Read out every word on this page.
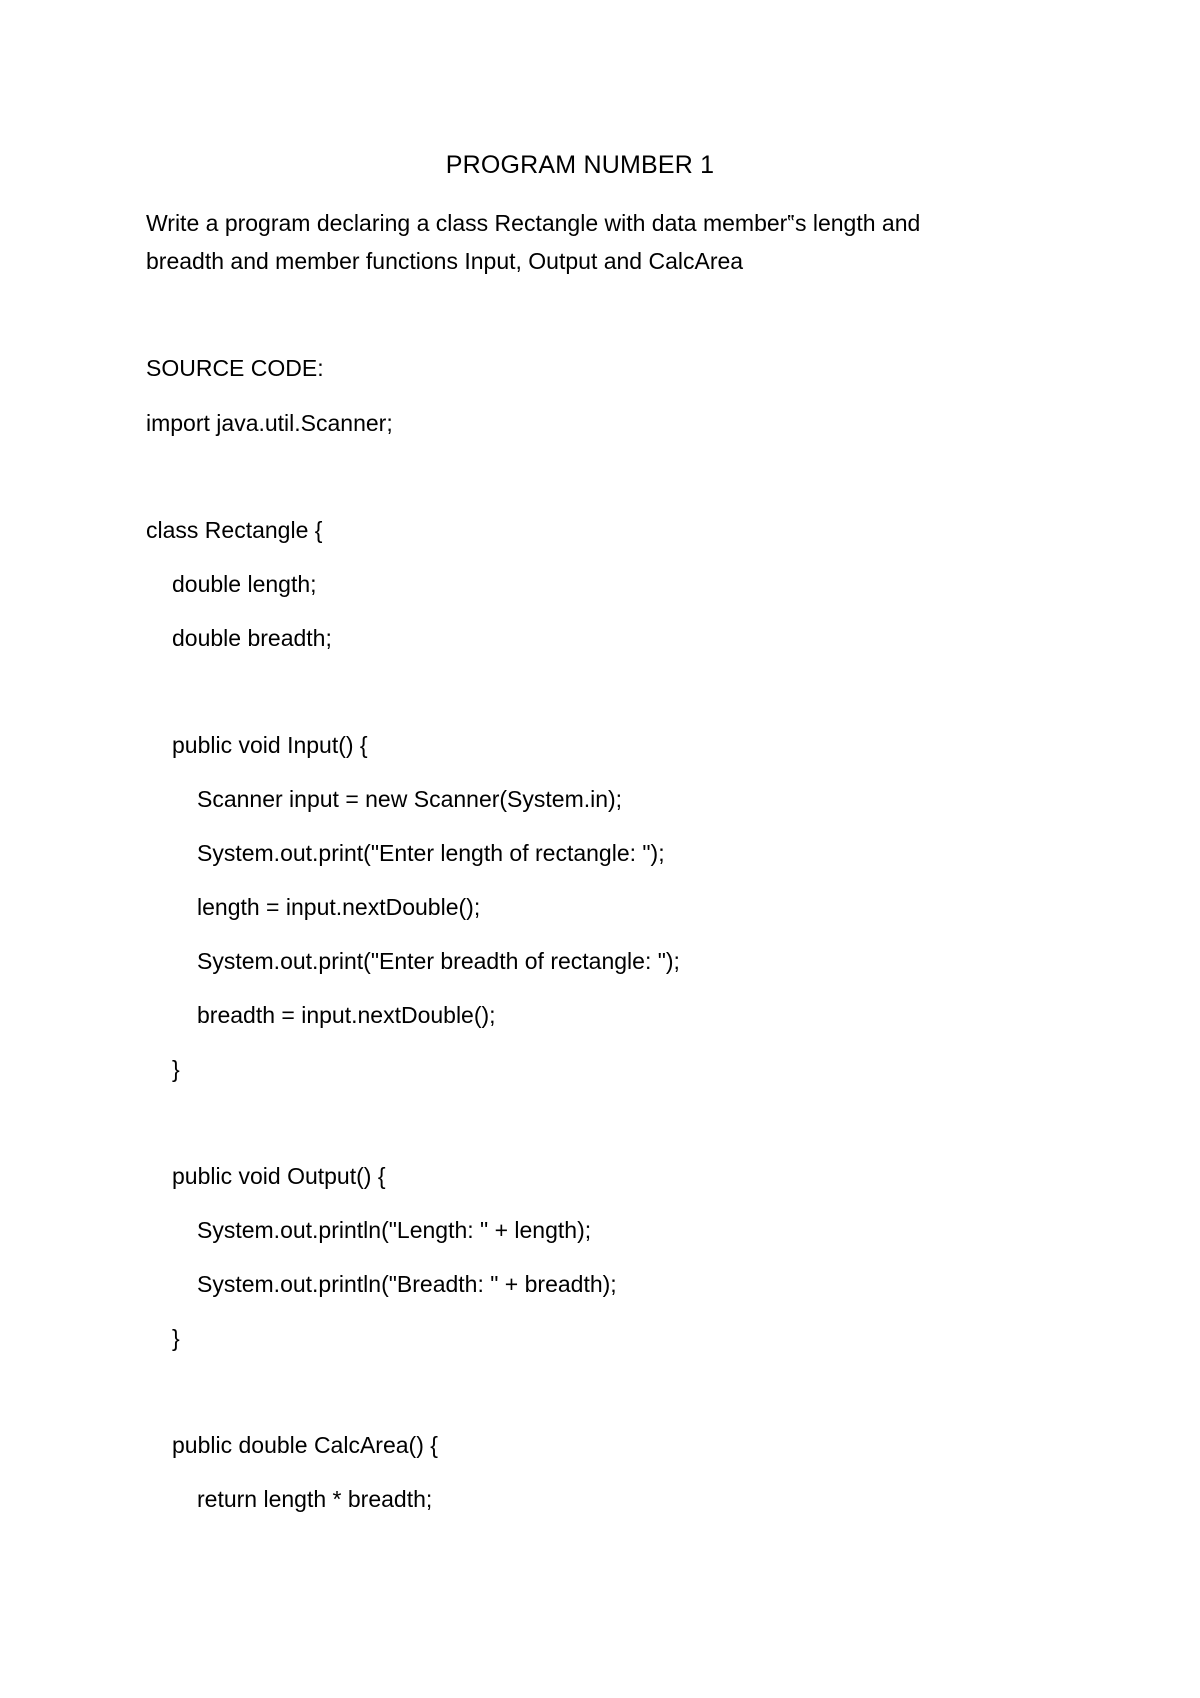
PROGRAM NUMBER 1
Write a program declaring a class Rectangle with data member‟s length and
breadth and member functions Input, Output and CalcArea
SOURCE CODE:
import java.util.Scanner;
class Rectangle {
double length;
double breadth;
public void Input() {
Scanner input = new Scanner(System.in);
System.out.print("Enter length of rectangle: ");
length = input.nextDouble();
System.out.print("Enter breadth of rectangle: ");
breadth = input.nextDouble();
}
public void Output() {
System.out.println("Length: " + length);
System.out.println("Breadth: " + breadth);
}
public double CalcArea() {
return length * breadth;
